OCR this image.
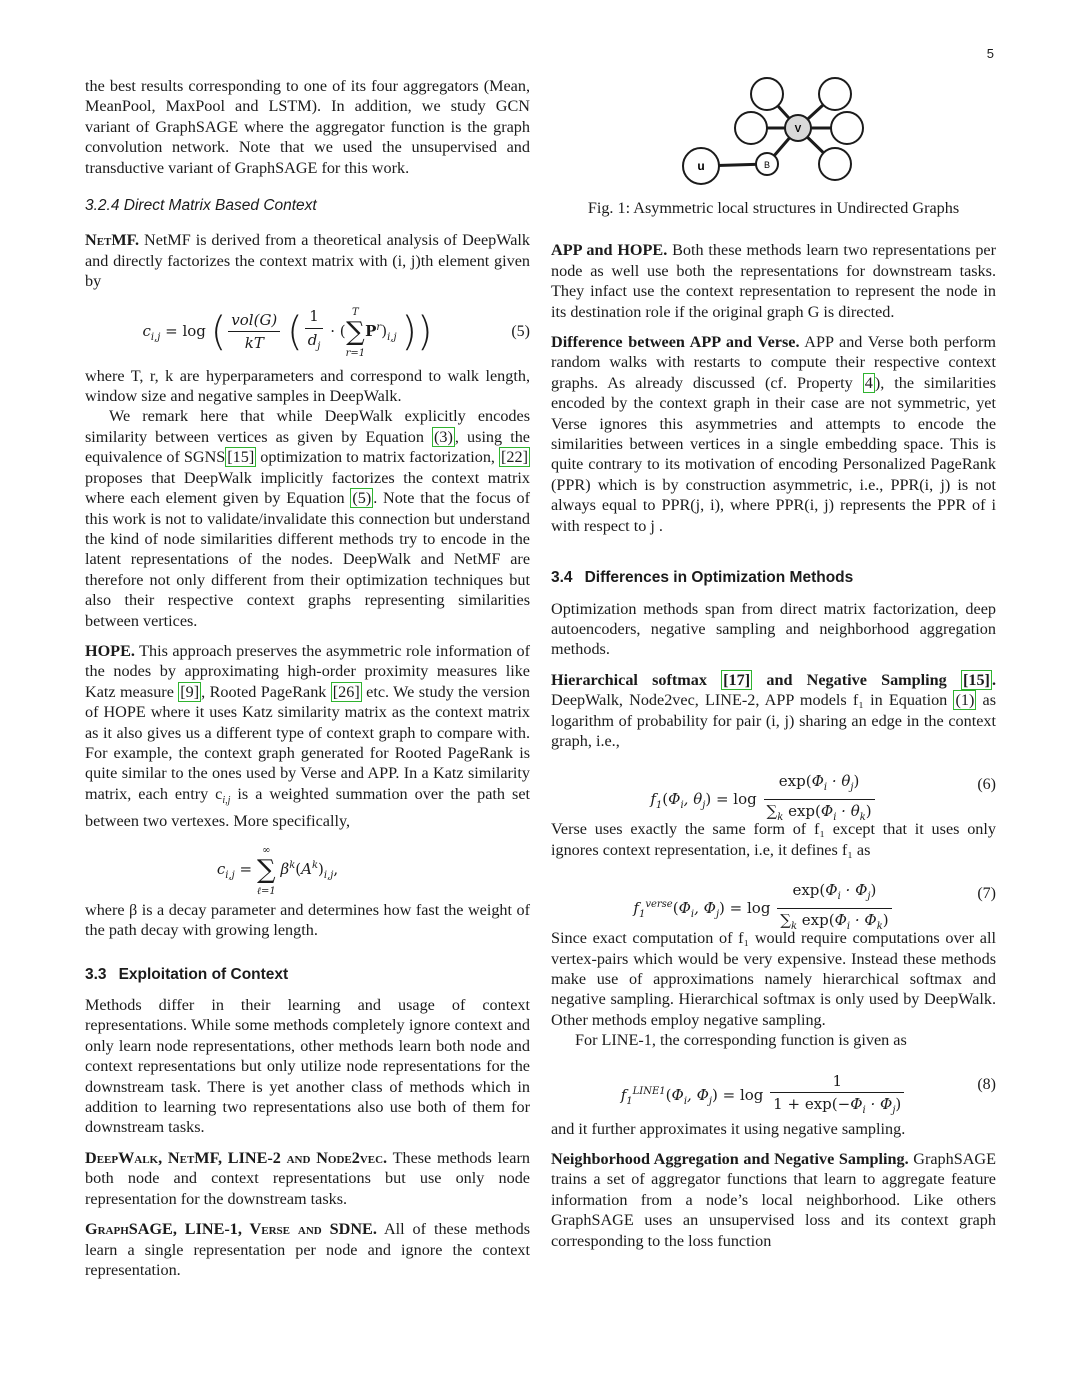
5

the best results corresponding to one of its four aggregators (Mean, MeanPool, MaxPool and LSTM). In addition, we study GCN variant of GraphSAGE where the aggregator function is the graph convolution network. Note that we used the unsupervised and transductive variant of GraphSAGE for this work.

3.2.4 Direct Matrix Based Context

NetMF. NetMF is derived from a theoretical analysis of DeepWalk and directly factorizes the context matrix with (i, j)th element given by

$c_{i,j} = \log$ ( $\frac{\text{vol(G)}}{kT}$ ( $\frac{1}{d_j} \cdot (T$
∑
$r=1P^r)_{i,j}$ ))	(5)

where T, r, k are hyperparameters and correspond to walk length, window size and negative samples in DeepWalk.

We remark here that while DeepWalk explicitly encodes similarity between vertices as given by Equation (3) , using the equivalence of SGNS [15] optimization to matrix factorization, [22] proposes that DeepWalk implicitly factorizes the context matrix where each element given by Equation (5) . Note that the focus of this work is not to validate/invalidate this connection but understand the kind of node similarities different methods try to encode in the latent representations of the nodes. DeepWalk and NetMF are therefore not only different from their optimization techniques but also their respective context graphs representing similarities between vertices.

HOPE. This approach preserves the asymmetric role information of the nodes by approximating high-order proximity measures like Katz measure [9] , Rooted PageRank [26] etc. We study the version of HOPE where it uses Katz similarity matrix as the context matrix as it also gives us a different type of context graph to compare with. For example, the context graph generated for Rooted PageRank is quite similar to the ones used by Verse and APP. In a Katz similarity matrix, each entry $c_{i,j}$ is a weighted summation over the path set between two vertexes. More specifically,

$c_{i,j}$ = ∞
∑
ℓ=1 $\beta^k(A^k)_{i,j}$,

where β is a decay parameter and determines how fast the weight of the path decay with growing length.

3.3 Exploitation of Context

Methods differ in their learning and usage of context representations. While some methods completely ignore context and only learn node representations, other methods learn both node and context representations but only utilize node representations for the downstream task. There is yet another class of methods which in addition to learning two representations also use both of them for downstream tasks.

DeepWalk, NetMF, LINE-2 and Node2vec. These methods learn both node and context representations but use only node representation for the downstream tasks.

GraphSAGE, LINE-1, Verse and SDNE. All of these methods learn a single representation per node and ignore the context representation.

u
V
B

Fig. 1: Asymmetric local structures in Undirected Graphs

APP and HOPE. Both these methods learn two representations per node as well use both the representations for downstream tasks. They infact use the context representation to represent the node in its destination role if the original graph G is directed.

Difference between APP and Verse. APP and Verse both perform random walks with restarts to compute their respective context graphs. As already discussed (cf. Property 4 ), the similarities encoded by the context graph in their case are not symmetric, yet Verse ignores this asymmetries and attempts to encode the similarities between vertices in a single embedding space. This is quite contrary to its motivation of encoding Personalized PageRank (PPR) which is by construction asymmetric, i.e., PPR(i, j) is not always equal to PPR(j, i), where PPR(i, j) represents the PPR of i with respect to j .

3.4 Differences in Optimization Methods

Optimization methods span from direct matrix factorization, deep autoencoders, negative sampling and neighborhood aggregation methods.

Hierarchical softmax [17] and Negative Sampling [15] . DeepWalk, Node2vec, LINE-2, APP models f₁ in Equation (1) as logarithm of probability for pair (i, j) sharing an edge in the context graph, i.e.,

$f_1(\Phi_i$, $\theta_j) = \log \frac{\exp(\Phi_i \cdot \theta_j)}{\sum_k \exp(\Phi_i \cdot \theta_k)}$	(6)

Verse uses exactly the same form of f₁ except that it uses only ignores context representation, i.e, it defines f₁ as

$f_1^{verse}(\Phi_i$, $\Phi_j) = \log \frac{\exp(\Phi_i \cdot \Phi_j)}{\sum_k \exp(\Phi_i \cdot \Phi_k)}$	(7)

Since exact computation of f₁ would require computations over all vertex-pairs which would be very expensive. Instead these methods make use of approximations namely hierarchical softmax and negative sampling. Hierarchical softmax is only used by DeepWalk. Other methods employ negative sampling.

For LINE-1, the corresponding function is given as

$f_1^{LINE1}(\Phi_i$, $\Phi_j) = \log \frac{1}{1 + \exp(-\Phi_i \cdot \Phi_j)}$	(8)

and it further approximates it using negative sampling.

Neighborhood Aggregation and Negative Sampling. GraphSAGE trains a set of aggregator functions that learn to aggregate feature information from a node’s local neighborhood. Like others GraphSAGE uses an unsupervised loss and its context graph corresponding to the loss function
